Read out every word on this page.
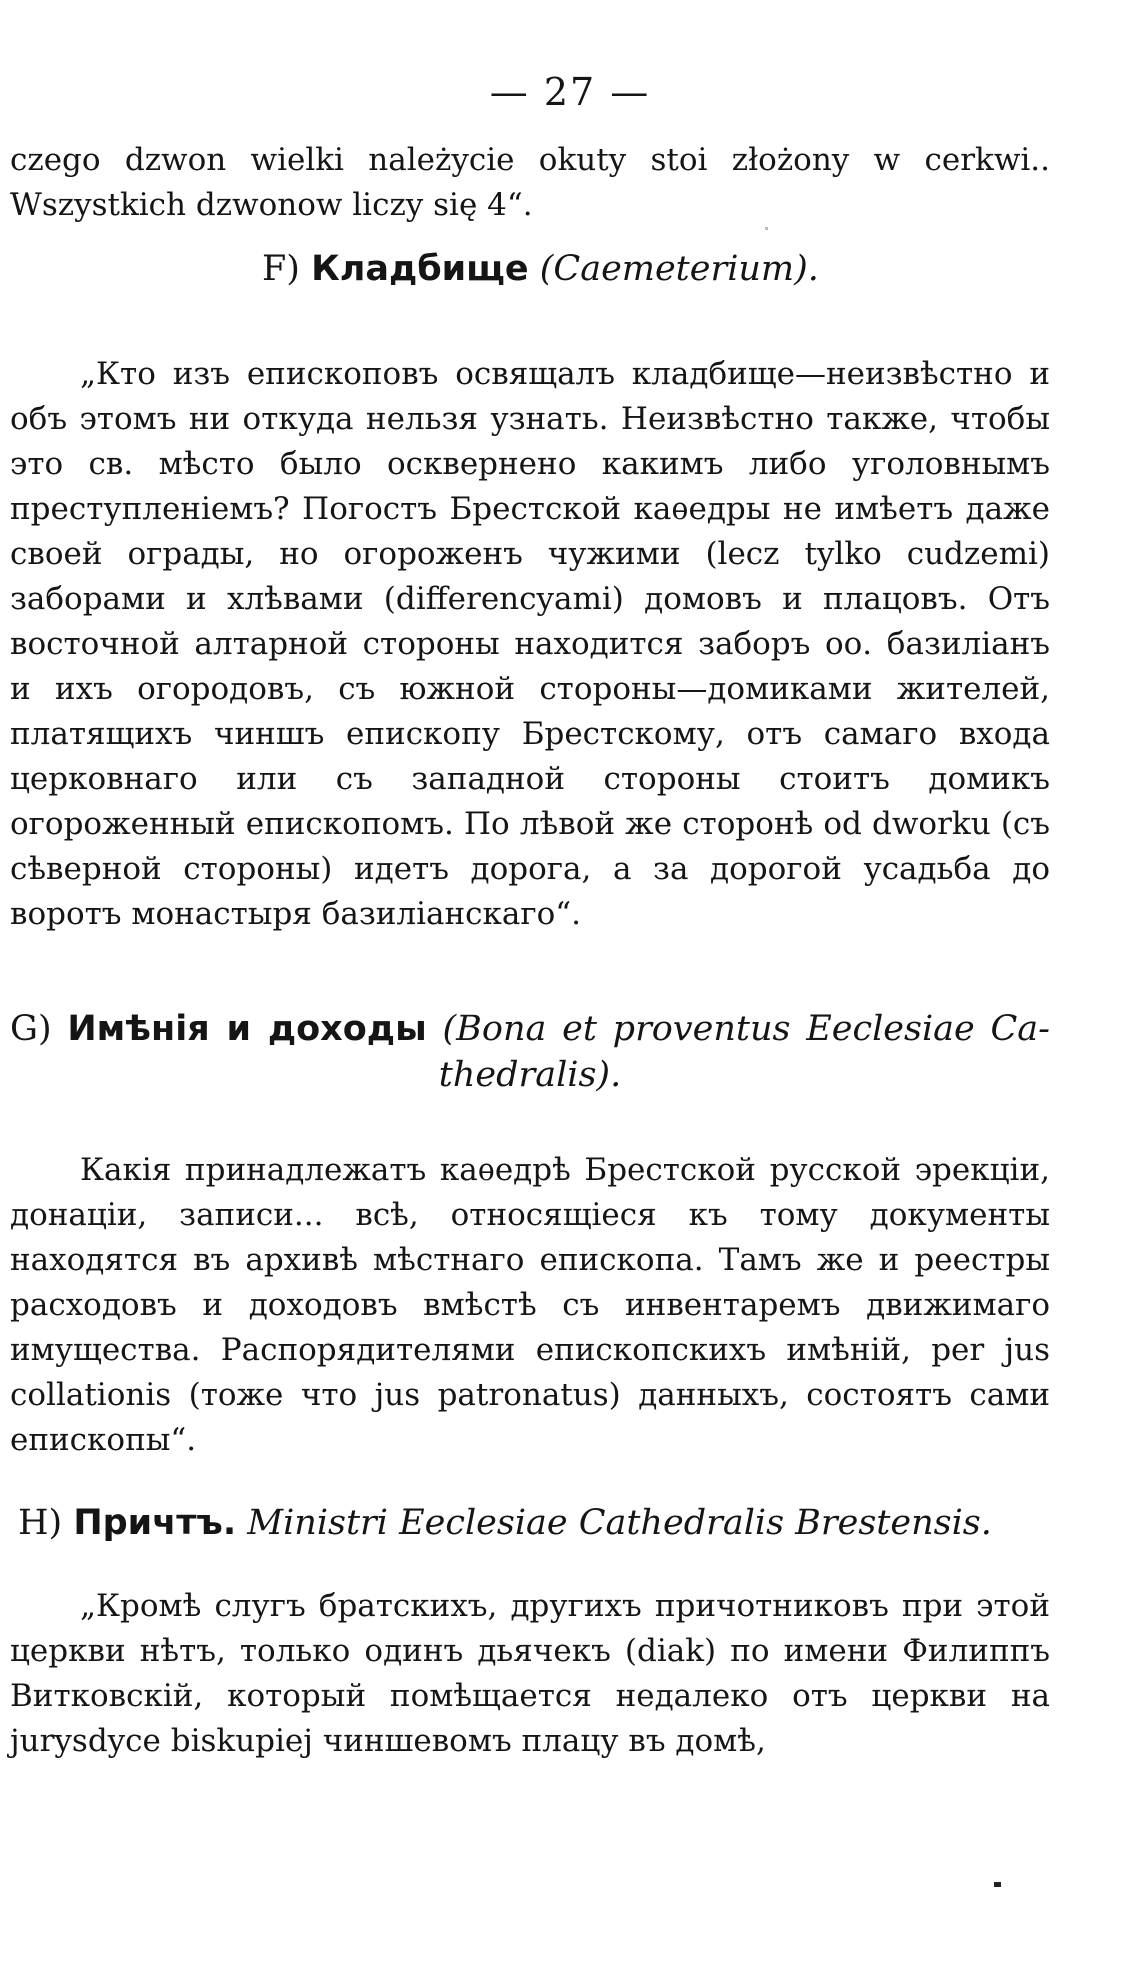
— 27 —
czego dzwon wielki należycie okuty stoi złożony w cerkwi.. Wszystkich dzwonow liczy się 4“.
F) Кладбище (Caemeterium).
„Кто изъ епископовъ освящалъ кладбище—неизвѣстно и объ этомъ ни откуда нельзя узнать. Неизвѣстно также, чтобы это св. мѣсто было осквернено какимъ либо уголовнымъ преступленіемъ? Погостъ Брестской каѳедры не имѣетъ даже своей ограды, но огороженъ чужими (lecz tylko cudzemi) заборами и хлѣвами (differencyami) домовъ и плацовъ. Отъ восточной алтарной стороны находится заборъ оо. базиліанъ и ихъ огородовъ, съ южной стороны—домиками жителей, платящихъ чиншъ епископу Брестскому, отъ самаго входа церковнаго или съ западной стороны стоитъ домикъ огороженный епископомъ. По лѣвой же сторонѣ od dworku (съ сѣверной стороны) идетъ дорога, а за дорогой усадьба до воротъ монастыря базиліанскаго“.
G) Имѣнія и доходы (Bona et proventus Eeclesiae Ca-
thedralis).
Какія принадлежатъ каѳедрѣ Брестской русской эрекціи, донаціи, записи... всѣ, относящіеся къ тому документы находятся въ архивѣ мѣстнаго епископа. Тамъ же и реестры расходовъ и доходовъ вмѣстѣ съ инвентаремъ движимаго имущества. Распорядителями епископскихъ имѣній, per jus collationis (тоже что jus patronatus) данныхъ, состоятъ сами епископы“.
H) Причтъ. Ministri Eeclesiae Cathedralis Brestensis.
„Кромѣ слугъ братскихъ, другихъ причотниковъ при этой церкви нѣтъ, только одинъ дьячекъ (diak) по имени Филиппъ Витковскій, который помѣщается недалеко отъ церкви на jurysdyce biskupiej чиншевомъ плацу въ домѣ,
